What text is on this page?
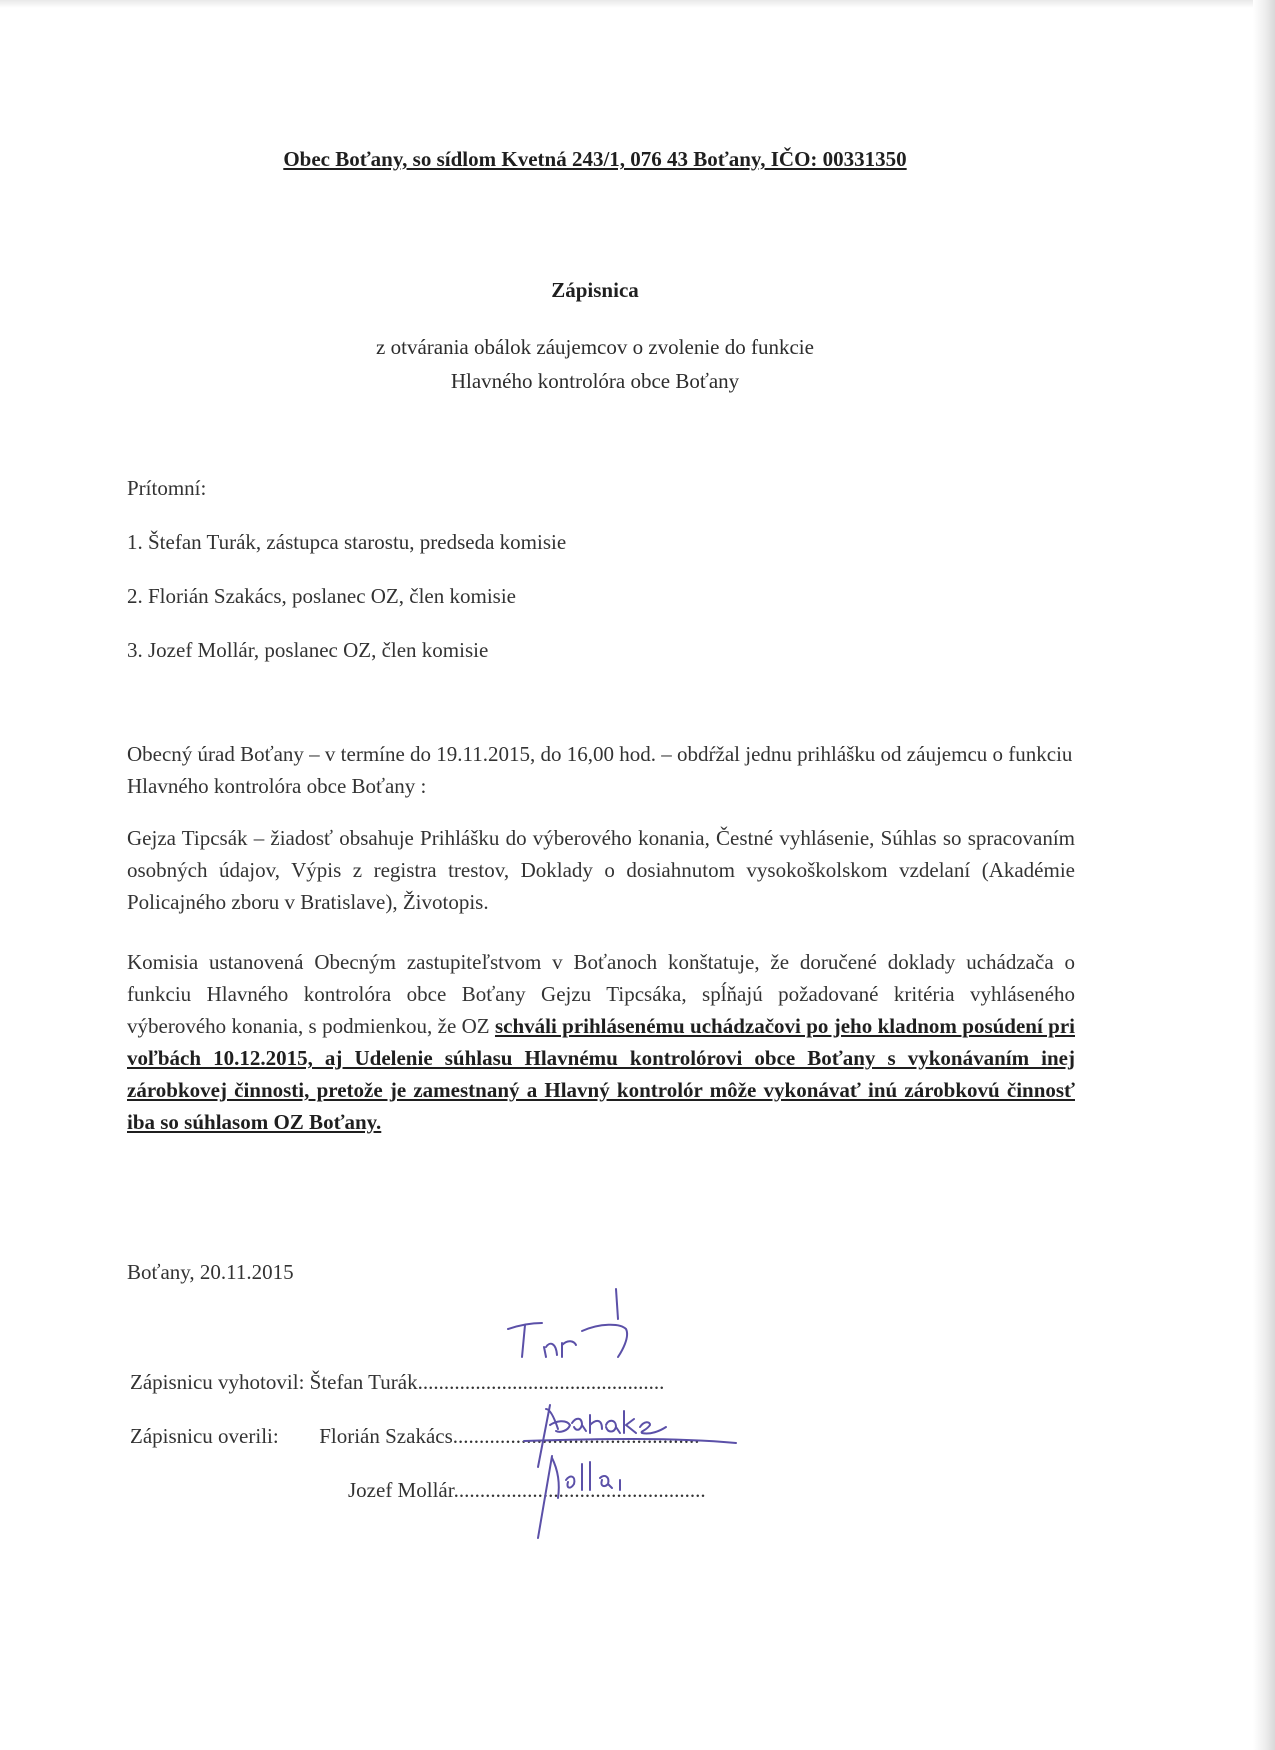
Obec Boťany, so sídlom Kvetná 243/1, 076 43 Boťany, IČO: 00331350
Zápisnica
z otvárania obálok záujemcov o zvolenie do funkcie
Hlavného kontrolóra obce Boťany
Prítomní:
1. Štefan Turák, zástupca starostu, predseda komisie
2. Florián Szakács, poslanec OZ, člen komisie
3. Jozef Mollár, poslanec OZ, člen komisie

Obecný úrad Boťany – v termíne do 19.11.2015, do 16,00 hod. – obdŕžal jednu prihlášku od záujemcu o funkciu Hlavného kontrolóra obce Boťany :

Gejza Tipcsák – žiadosť obsahuje Prihlášku do výberového konania, Čestné vyhlásenie, Súhlas so spracovaním osobných údajov, Výpis z registra trestov, Doklady o dosiahnutom vysokoškolskom vzdelaní (Akadémie Policajného zboru v Bratislave), Životopis.

Komisia ustanovená Obecným zastupiteľstvom v Boťanoch konštatuje, že doručené doklady uchádzača o funkciu Hlavného kontrolóra obce Boťany Gejzu Tipcsáka, spĺňajú požadované kritéria vyhláseného výberového konania, s podmienkou, že OZ schváli prihlásenému uchádzačovi po jeho kladnom posúdení pri voľbách 10.12.2015, aj Udelenie súhlasu Hlavnému kontrolórovi obce Boťany s vykonávaním inej zárobkovej činnosti, pretože je zamestnaný a Hlavný kontrolór môže vykonávať inú zárobkovú činnosť iba so súhlasom OZ Boťany.

Boťany, 20.11.2015
Zápisnicu vyhotovil: Štefan Turák...............................................
Zápisnicu overili: Florián Szakács...............................................
Jozef Mollár................................................
